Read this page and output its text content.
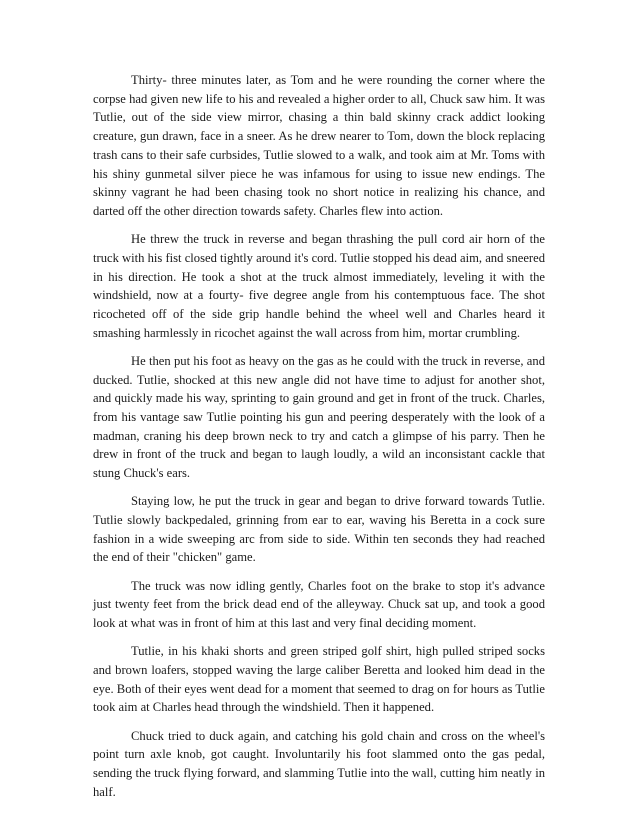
Thirty- three minutes later, as Tom and he were rounding the corner where the corpse had given new life to his and revealed a higher order to all, Chuck saw him. It was Tutlie, out of the side view mirror, chasing a thin bald skinny crack addict looking creature, gun drawn, face in a sneer. As he drew nearer to Tom, down the block replacing trash cans to their safe curbsides, Tutlie slowed to a walk, and took aim at Mr. Toms with his shiny gunmetal silver piece he was infamous for using to issue new endings. The skinny vagrant he had been chasing took no short notice in realizing his chance, and darted off the other direction towards safety. Charles flew into action.

He threw the truck in reverse and began thrashing the pull cord air horn of the truck with his fist closed tightly around it's cord. Tutlie stopped his dead aim, and sneered in his direction. He took a shot at the truck almost immediately, leveling it with the windshield, now at a fourty- five degree angle from his contemptuous face. The shot ricocheted off of the side grip handle behind the wheel well and Charles heard it smashing harmlessly in ricochet against the wall across from him, mortar crumbling.

He then put his foot as heavy on the gas as he could with the truck in reverse, and ducked. Tutlie, shocked at this new angle did not have time to adjust for another shot, and quickly made his way, sprinting to gain ground and get in front of the truck. Charles, from his vantage saw Tutlie pointing his gun and peering desperately with the look of a madman, craning his deep brown neck to try and catch a glimpse of his parry. Then he drew in front of the truck and began to laugh loudly, a wild an inconsistant cackle that stung Chuck's ears.

Staying low, he put the truck in gear and began to drive forward towards Tutlie. Tutlie slowly backpedaled, grinning from ear to ear, waving his Beretta in a cock sure fashion in a wide sweeping arc from side to side. Within ten seconds they had reached the end of their "chicken" game.

The truck was now idling gently, Charles foot on the brake to stop it's advance just twenty feet from the brick dead end of the alleyway. Chuck sat up, and took a good look at what was in front of him at this last and very final deciding moment.

Tutlie, in his khaki shorts and green striped golf shirt, high pulled striped socks and brown loafers, stopped waving the large caliber Beretta and looked him dead in the eye. Both of their eyes went dead for a moment that seemed to drag on for hours as Tutlie took aim at Charles head through the windshield. Then it happened.

Chuck tried to duck again, and catching his gold chain and cross on the wheel's point turn axle knob, got caught. Involuntarily his foot slammed onto the gas pedal, sending the truck flying forward, and slamming Tutlie into the wall, cutting him neatly in half.
